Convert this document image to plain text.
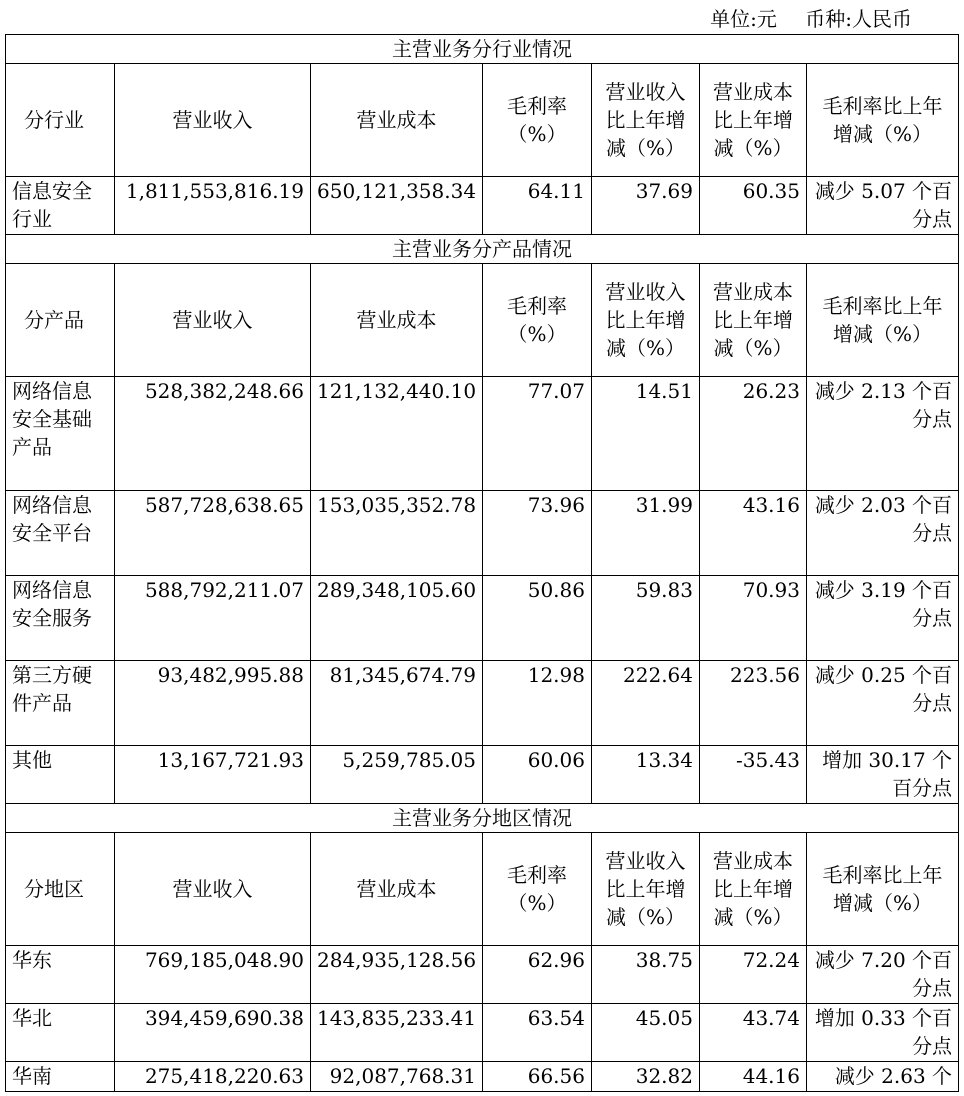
单位:元 币种:人民币
主营业务分行业情况						
分行业	营业收入	营业成本	毛利率（%）	营业收入比上年增减（%）	营业成本比上年增减（%）	毛利率比上年增减（%）
信息安全行业	1,811,553,816.19	650,121,358.34	64.11	37.69	60.35	减少 5.07 个百分点
主营业务分产品情况						
分产品	营业收入	营业成本	毛利率（%）	营业收入比上年增减（%）	营业成本比上年增减（%）	毛利率比上年增减（%）
网络信息安全基础产品	528,382,248.66	121,132,440.10	77.07	14.51	26.23	减少 2.13 个百分点
网络信息安全平台	587,728,638.65	153,035,352.78	73.96	31.99	43.16	减少 2.03 个百分点
网络信息安全服务	588,792,211.07	289,348,105.60	50.86	59.83	70.93	减少 3.19 个百分点
第三方硬件产品	93,482,995.88	81,345,674.79	12.98	222.64	223.56	减少 0.25 个百分点
其他	13,167,721.93	5,259,785.05	60.06	13.34	-35.43	增加 30.17 个百分点
主营业务分地区情况						
分地区	营业收入	营业成本	毛利率（%）	营业收入比上年增减（%）	营业成本比上年增减（%）	毛利率比上年增减（%）
华东	769,185,048.90	284,935,128.56	62.96	38.75	72.24	减少 7.20 个百分点
华北	394,459,690.38	143,835,233.41	63.54	45.05	43.74	增加 0.33 个百分点
华南	275,418,220.63	92,087,768.31	66.56	32.82	44.16	减少 2.63 个
